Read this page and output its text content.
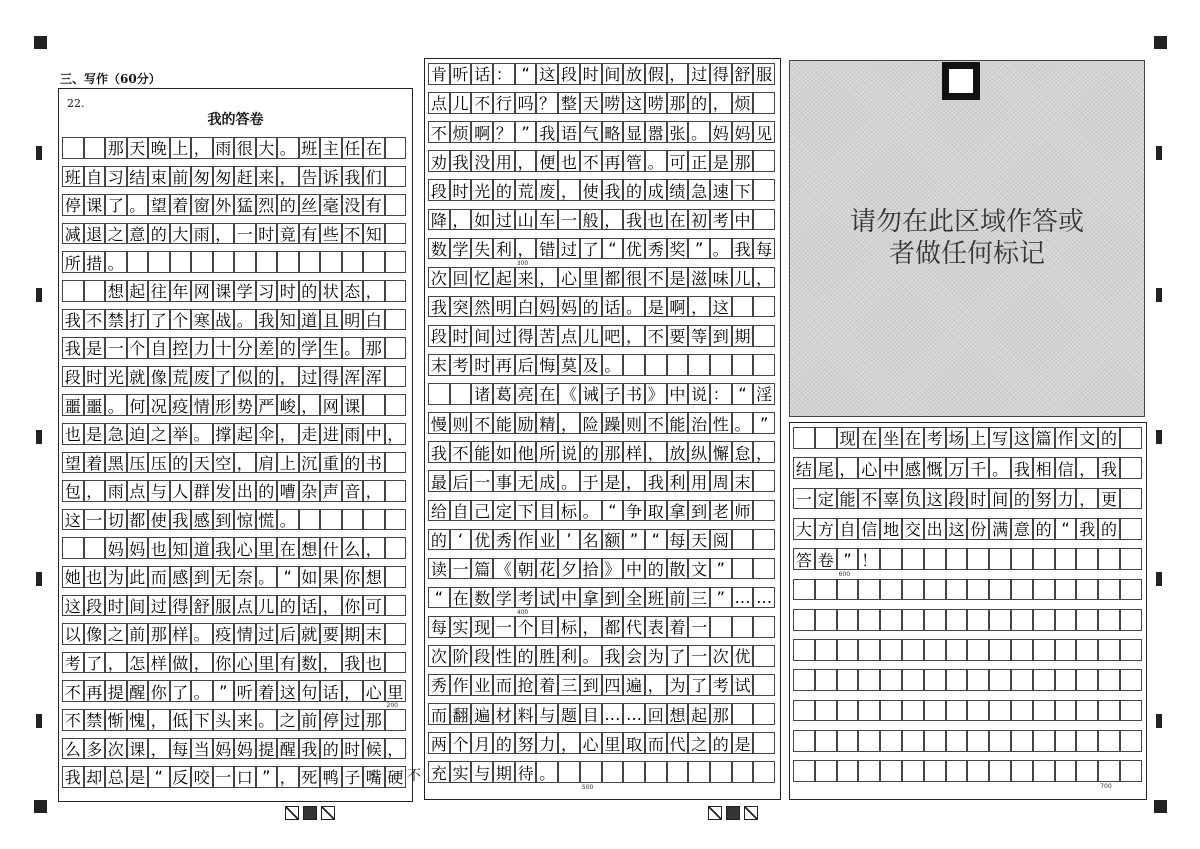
三、写作（60分）
22.
我的答卷
那 天 晚 上 ， 雨 很 大 。 班 主 任 在
班 自 习 结 束 前 匆 匆 赶 来 ， 告 诉 我 们
停 课 了 。 望 着 窗 外 猛 烈 的 丝 毫 没 有
减 退 之 意 的 大 雨 ， 一 时 竟 有 些 不 知
所 措 。
想 起 往 年 网 课 学 习 时 的 状 态 ，
我 不 禁 打 了 个 寒 战 。 我 知 道 且 明 白
我 是 一 个 自 控 力 十 分 差 的 学 生 。 那
段 时 光 就 像 荒 废 了 似 的 ， 过 得 浑 浑
噩 噩 。 何 况 疫 情 形 势 严 峻 ， 网 课
也 是 急 迫 之 举 。 撑 起 伞 ， 走 进 雨 中 ，
望 着 黑 压 压 的 天 空 ， 肩 上 沉 重 的 书
包 ， 雨 点 与 人 群 发 出 的 嘈 杂 声 音 ，
这 一 切 都 使 我 感 到 惊 慌 。
妈 妈 也 知 道 我 心 里 在 想 什 么 ，
她 也 为 此 而 感 到 无 奈 。 “ 如 果 你 想
这 段 时 间 过 得 舒 服 点 儿 的 话 ， 你 可
以 像 之 前 那 样 。 疫 情 过 后 就 要 期 末
考 了 ， 怎 样 做 ， 你 心 里 有 数 ， 我 也
不 再 提 醒 你 了 。 ” 听 着 这 句 话 ， 心 里
不 禁 惭 愧 ， 低 下 头 来 。 之 前 停 过 那
么 多 次 课 ， 每 当 妈 妈 提 醒 我 的 时 候 ，
我 却 总 是 “ 反 咬 一 口 ” ， 死 鸭 子 嘴 硬 不
200
肯 听 话 ： “ 这 段 时 间 放 假 ， 过 得 舒 服
点 儿 不 行 吗 ？ 整 天 唠 这 唠 那 的 ， 烦
不 烦 啊 ？ ” 我 语 气 略 显 嚣 张 。 妈 妈 见
劝 我 没 用 ， 便 也 不 再 管 。 可 正 是 那
段 时 光 的 荒 废 ， 使 我 的 成 绩 急 速 下
降 ， 如 过 山 车 一 般 ， 我 也 在 初 考 中
数 学 失 利 ， 错 过 了 “ 优 秀 奖 ” 。 我 每
次 回 忆 起 来 ， 心 里 都 很 不 是 滋 味 儿 ，
我 突 然 明 白 妈 妈 的 话 。 是 啊 ， 这
段 时 间 过 得 苦 点 儿 吧 ， 不 要 等 到 期
末 考 时 再 后 悔 莫 及 。
诸 葛 亮 在 《 诫 子 书 》 中 说 ： “ 淫
慢 则 不 能 励 精 ， 险 躁 则 不 能 治 性 。 ”
我 不 能 如 他 所 说 的 那 样 ， 放 纵 懈 怠 ，
最 后 一 事 无 成 。 于 是 ， 我 利 用 周 末
给 自 己 定 下 目 标 。 “ 争 取 拿 到 老 师
的 ‘ 优 秀 作 业 ’ 名 额 ” “ 每 天 阅
读 一 篇 《 朝 花 夕 拾 》 中 的 散 文 ”
“ 在 数 学 考 试 中 拿 到 全 班 前 三 ” … …
每 实 现 一 个 目 标 ， 都 代 表 着 一
次 阶 段 性 的 胜 利 。 我 会 为 了 一 次 优
秀 作 业 而 抢 着 三 到 四 遍 ， 为 了 考 试
而 翻 遍 材 料 与 题 目 … … 回 想 起 那
两 个 月 的 努 力 ， 心 里 取 而 代 之 的 是
充 实 与 期 待 。
300
400
500
请勿在此区域作答或
者做任何标记
现 在 坐 在 考 场 上 写 这 篇 作 文 的
结 尾 ， 心 中 感 慨 万 千 。 我 相 信 ， 我
一 定 能 不 辜 负 这 段 时 间 的 努 力 ， 更
大 方 自 信 地 交 出 这 份 满 意 的 “ 我 的
答 卷 ” ！
600
700
